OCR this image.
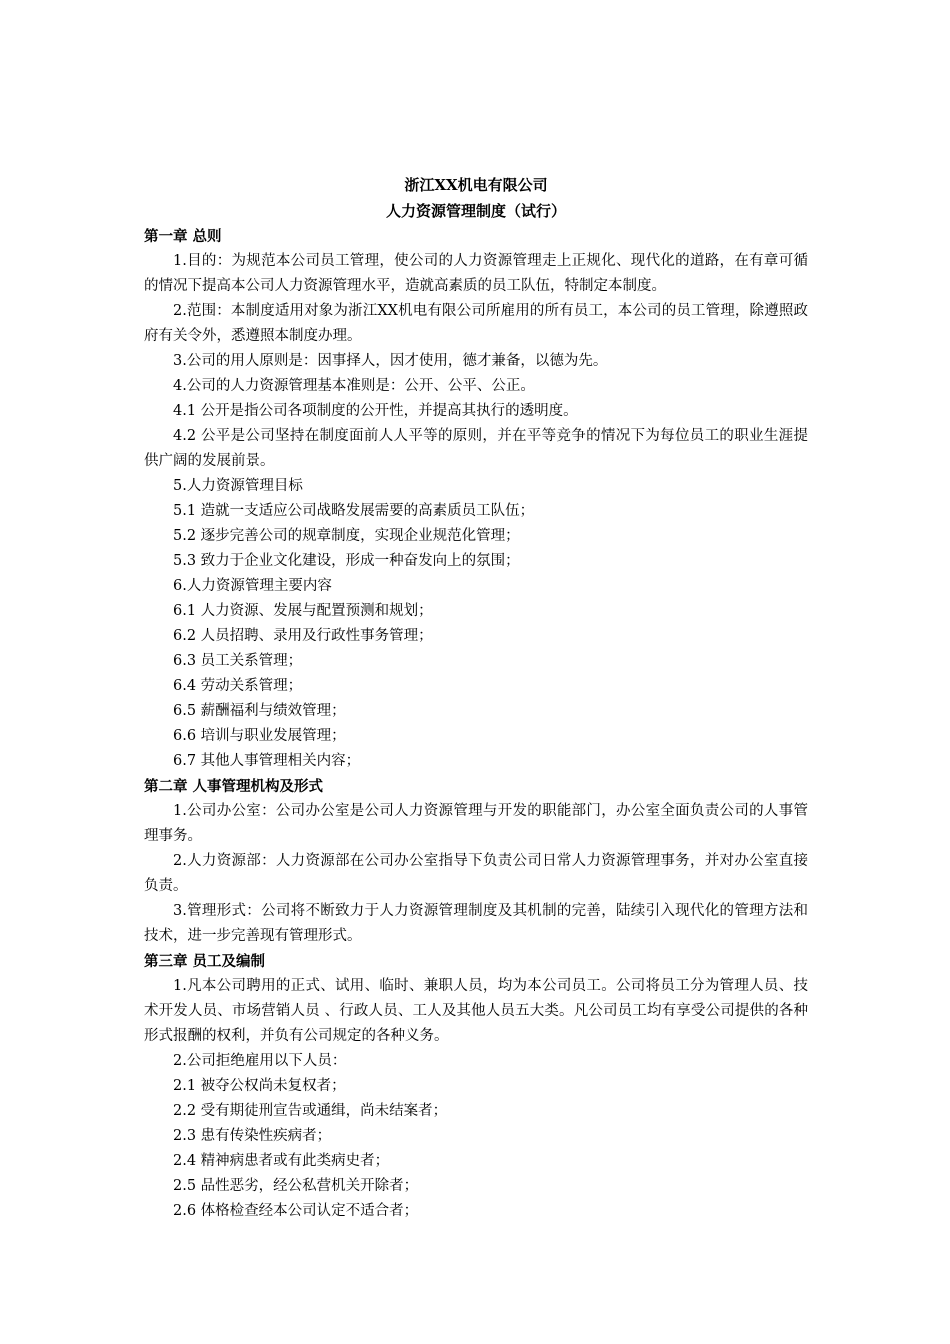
浙江XX机电有限公司

人力资源管理制度（试行）

第一章 总则

1.目的：为规范本公司员工管理，使公司的人力资源管理走上正规化、现代化的道路，在有章可循的情况下提高本公司人力资源管理水平，造就高素质的员工队伍，特制定本制度。

2.范围：本制度适用对象为浙江XX机电有限公司所雇用的所有员工，本公司的员工管理，除遵照政府有关令外，悉遵照本制度办理。

3.公司的用人原则是：因事择人，因才使用，德才兼备，以德为先。

4.公司的人力资源管理基本准则是：公开、公平、公正。

4.1 公开是指公司各项制度的公开性，并提高其执行的透明度。

4.2 公平是公司坚持在制度面前人人平等的原则，并在平等竞争的情况下为每位员工的职业生涯提供广阔的发展前景。

5.人力资源管理目标

5.1 造就一支适应公司战略发展需要的高素质员工队伍；

5.2 逐步完善公司的规章制度，实现企业规范化管理；

5.3 致力于企业文化建设，形成一种奋发向上的氛围；

6.人力资源管理主要内容

6.1 人力资源、发展与配置预测和规划；

6.2 人员招聘、录用及行政性事务管理；

6.3 员工关系管理；

6.4 劳动关系管理；

6.5 薪酬福利与绩效管理；

6.6 培训与职业发展管理；

6.7 其他人事管理相关内容；

第二章 人事管理机构及形式

1.公司办公室：公司办公室是公司人力资源管理与开发的职能部门，办公室全面负责公司的人事管理事务。

2.人力资源部：人力资源部在公司办公室指导下负责公司日常人力资源管理事务，并对办公室直接负责。

3.管理形式：公司将不断致力于人力资源管理制度及其机制的完善，陆续引入现代化的管理方法和技术，进一步完善现有管理形式。

第三章 员工及编制

1.凡本公司聘用的正式、试用、临时、兼职人员，均为本公司员工。公司将员工分为管理人员、技术开发人员、市场营销人员 、行政人员、工人及其他人员五大类。凡公司员工均有享受公司提供的各种形式报酬的权利，并负有公司规定的各种义务。

2.公司拒绝雇用以下人员：

2.1 被夺公权尚未复权者；

2.2 受有期徒刑宣告或通缉，尚未结案者；

2.3 患有传染性疾病者；

2.4 精神病患者或有此类病史者；

2.5 品性恶劣，经公私营机关开除者；

2.6 体格检查经本公司认定不适合者；
